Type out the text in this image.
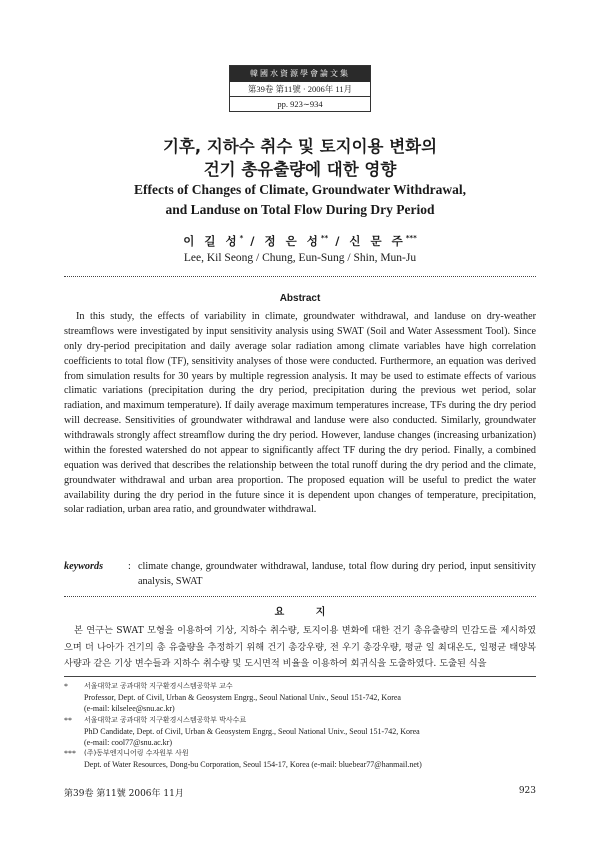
韓國水資源學會論文集
第39卷 第11號 · 2006年 11月
pp. 923∼934
기후, 지하수 취수 및 토지이용 변화의
건기 총유출량에 대한 영향
Effects of Changes of Climate, Groundwater Withdrawal,
and Landuse on Total Flow During Dry Period
이 길 성* / 정 은 성** / 신 문 주***
Lee, Kil Seong / Chung, Eun-Sung / Shin, Mun-Ju
Abstract

In this study, the effects of variability in climate, groundwater withdrawal, and landuse on dry-weather streamflows were investigated by input sensitivity analysis using SWAT (Soil and Water Assessment Tool). Since only dry-period precipitation and daily average solar radiation among climate variables have high correlation coefficients to total flow (TF), sensitivity analyses of those were conducted. Furthermore, an equation was derived from simulation results for 30 years by multiple regression analysis. It may be used to estimate effects of various climatic variations (precipitation during the dry period, precipitation during the previous wet period, solar radiation, and maximum temperature). If daily average maximum temperatures increase, TFs during the dry period will decrease. Sensitivities of groundwater withdrawal and landuse were also conducted. Similarly, groundwater withdrawals strongly affect streamflow during the dry period. However, landuse changes (increasing urbanization) within the forested watershed do not appear to significantly affect TF during the dry period. Finally, a combined equation was derived that describes the relationship between the total runoff during the dry period and the climate, groundwater withdrawal and urban area proportion. The proposed equation will be useful to predict the water availability during the dry period in the future since it is dependent upon changes of temperature, precipitation, solar radiation, urban area ratio, and groundwater withdrawal.

keywords : climate change, groundwater withdrawal, landuse, total flow during dry period, input sensitivity analysis, SWAT
요 지

본 연구는 SWAT 모형을 이용하여 기상, 지하수 취수량, 토지이용 변화에 대한 건기 총유출량의 민감도를 제시하였으며 더 나아가 건기의 총 유출량을 추정하기 위해 건기 총강우량, 전 우기 총강우량, 평균 일 최대온도, 일평균 태양복사량과 같은 기상 변수들과 지하수 취수량 및 도시면적 비율을 이용하여 회귀식을 도출하였다. 도출된 식을

* 서울대학교 공과대학 지구환경시스템공학부 교수
Professor, Dept. of Civil, Urban & Geosystem Engrg., Seoul National Univ., Seoul 151-742, Korea
(e-mail: kilselee@snu.ac.kr)
** 서울대학교 공과대학 지구환경시스템공학부 박사수료
PhD Candidate, Dept. of Civil, Urban & Geosystem Engrg., Seoul National Univ., Seoul 151-742, Korea
(e-mail: cool77@snu.ac.kr)
*** (주)동부엔지니어링 수자원부 사원
Dept. of Water Resources, Dong-bu Corporation, Seoul 154-17, Korea (e-mail: bluebear77@hanmail.net)
第39卷 第11號 2006年 11月	923
